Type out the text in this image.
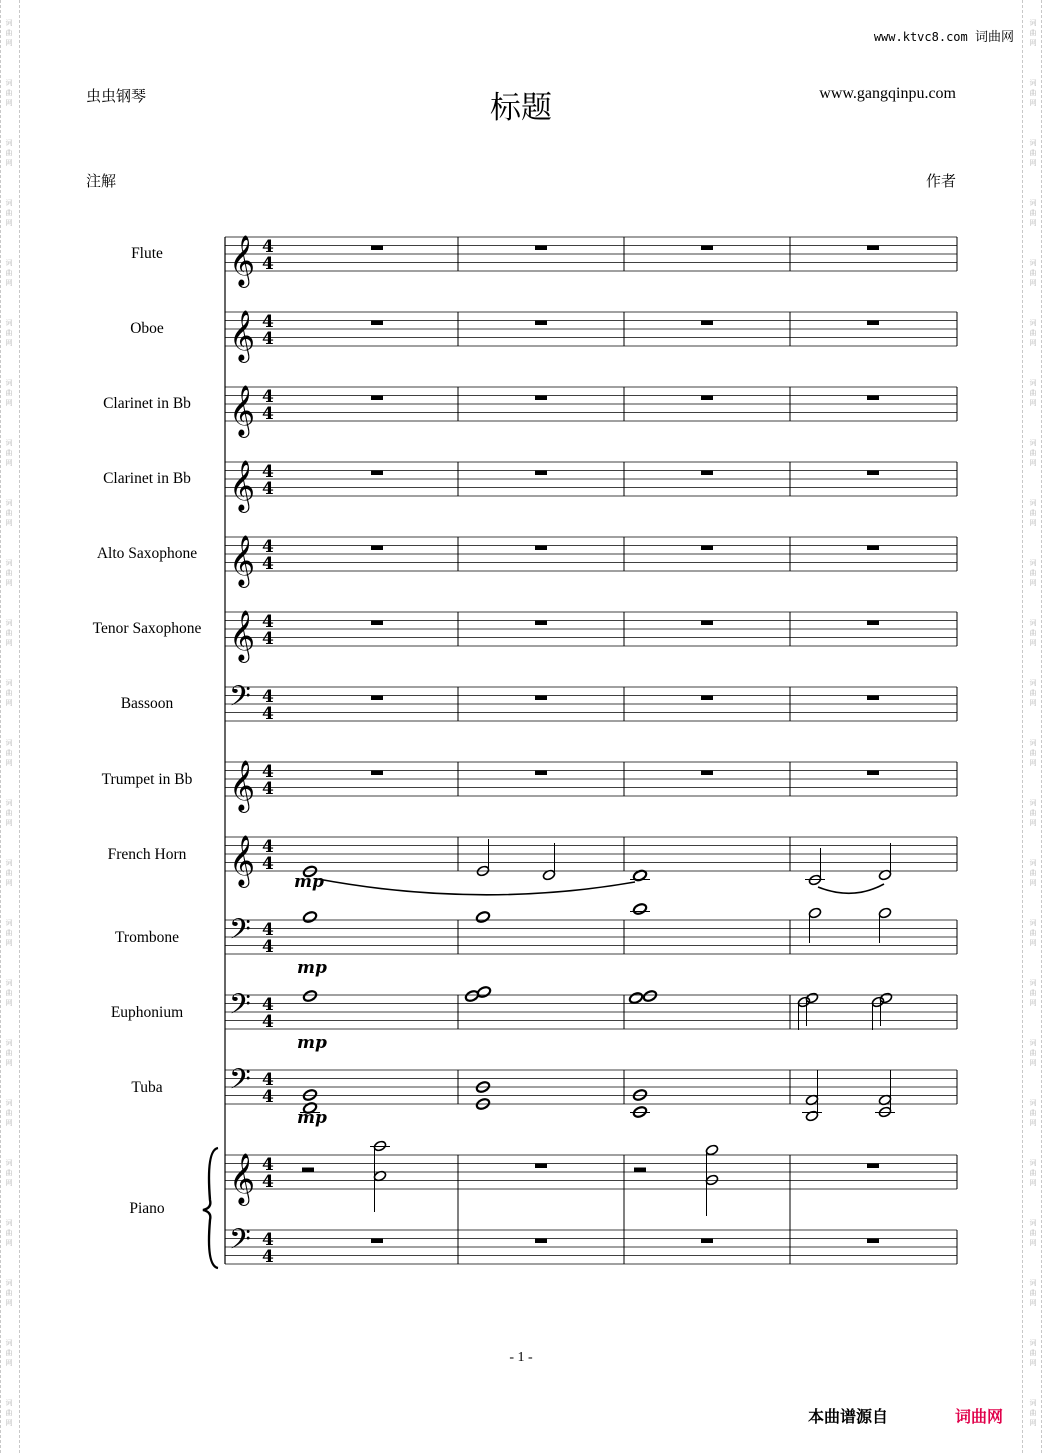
词
曲
网
词
曲
网
词
曲
网
词
曲
网
词
曲
网
词
曲
网
词
曲
网
词
曲
网
词
曲
网
词
曲
网
词
曲
网
词
曲
网
词
曲
网
词
曲
网
词
曲
网
词
曲
网
词
曲
网
词
曲
网
词
曲
网
词
曲
网
词
曲
网
词
曲
网
词
曲
网
词
曲
网
词
曲
网
词
曲
网
词
曲
网
词
曲
网
词
曲
网
词
曲
网
词
曲
网
词
曲
网
词
曲
网
词
曲
网
词
曲
网
词
曲
网
词
曲
网
词
曲
网
词
曲
网
词
曲
网
词
曲
网
词
曲
网
词
曲
网
词
曲
网
词
曲
网
词
曲
网
词
曲
网
词
曲
网
www.ktvc8.com 词曲网
虫虫钢琴	标题	www.gangqinpu.com
注解	作者
Flute
Oboe
Clarinet in Bb
Clarinet in Bb
Alto Saxophone
Tenor Saxophone
Bassoon
Trumpet in Bb
French Horn
Trombone
Euphonium
Tuba
Piano
𝄞 4
4
𝄞 4
4
𝄞 4
4
𝄞 4
4
𝄞 4
4
𝄞 4
4
𝄢 4
4
𝄞 4
4
𝄞 4
4
𝄢 4
4
𝄢 4
4
𝄢 4
4
𝄞 4
4
𝄢 4
4
mp
mp
mp
mp
- 1 -
本曲谱源自	词曲网
